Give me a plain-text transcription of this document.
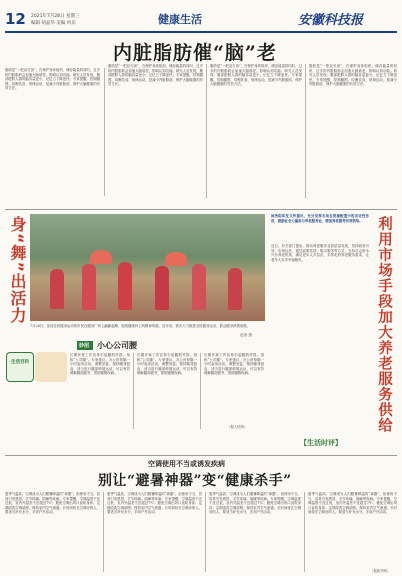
12 2021年7月28日 星期三
编辑 胡晶华 美编 何乐	健康生活	安徽科技报
内脏脂肪催“脑”老
脂肪是“一把双刃剑”，在保护身体组织、储存能量的同时，过多的内脏脂肪会加速大脑衰老，影响认知功能。研究人员发现，腹部肥胖人群的脑容量更小，记忆力下降更快。专家提醒，控制腰围、均衡饮食、规律运动，是减少内脏脂肪、保护大脑健康的有效方法。
脂肪是“一把双刃剑”，在保护身体组织、储存能量的同时，过多的内脏脂肪会加速大脑衰老，影响认知功能。研究人员发现，腹部肥胖人群的脑容量更小，记忆力下降更快。专家提醒，控制腰围、均衡饮食、规律运动，是减少内脏脂肪、保护大脑健康的有效方法。
脂肪是“一把双刃剑”，在保护身体组织、储存能量的同时，过多的内脏脂肪会加速大脑衰老，影响认知功能。研究人员发现，腹部肥胖人群的脑容量更小，记忆力下降更快。专家提醒，控制腰围、均衡饮食、规律运动，是减少内脏脂肪、保护大脑健康的有效方法。
脂肪是“一把双刃剑”，在保护身体组织、储存能量的同时，过多的内脏脂肪会加速大脑衰老，影响认知功能。研究人员发现，腹部肥胖人群的脑容量更小，记忆力下降更快。专家提醒，控制腰围、均衡饮食、规律运动，是减少内脏脂肪、保护大脑健康的有效方法。
身“舞”出活力
7月26日，参加全民健身运动的市民在健身广场上翩翩起舞，展现健康向上的精神风貌。近年来，我市大力推进全民健身运动，群众健身热情高涨。
赵燕 摄
国务院印发文件提出，充分发挥市场在资源配置中的决定性作用，鼓励社会力量参与养老服务业，增加养老服务有效供给。
近日，有关部门提出，推动养老服务业高质量发展，坚持政府引导、市场运作，通过政策扶持、购买服务等方式，支持社会资本兴办养老机构，满足老年人多层次、多样化的养老服务需求，让老年人安享幸福晚年。	利用市场手段加大养老服务供给
妙招 小心公司腰
生活百科
长期伏案工作容易引起腰肌劳损，俗称“公司腰”。专家建议，办公时每隔一小时起身活动，调整坐姿，保持腰背挺直，适当进行腰部伸展运动，可以有效缓解腰部疲劳，预防腰椎疾病。
长期伏案工作容易引起腰肌劳损，俗称“公司腰”。专家建议，办公时每隔一小时起身活动，调整坐姿，保持腰背挺直，适当进行腰部伸展运动，可以有效缓解腰部疲劳，预防腰椎疾病。
长期伏案工作容易引起腰肌劳损，俗称“公司腰”。专家建议，办公时每隔一小时起身活动，调整坐姿，保持腰背挺直，适当进行腰部伸展运动，可以有效缓解腰部疲劳，预防腰椎疾病。
（据人民网）
【生活时评】
空调使用不当或诱发疾病
别让“避暑神器”变“健康杀手”
夏季气温高，空调成为人们避暑降温的“神器”。但使用不当，容易引发感冒、关节疼痛、面瘫等疾病。专家提醒，空调温度不宜过低，室内外温差不宜超过7℃；避免空调出风口直吹身体；定期清洗空调滤网，保持室内空气流通；长时间待在空调房的人，要适当补充水分，多到户外活动。
夏季气温高，空调成为人们避暑降温的“神器”。但使用不当，容易引发感冒、关节疼痛、面瘫等疾病。专家提醒，空调温度不宜过低，室内外温差不宜超过7℃；避免空调出风口直吹身体；定期清洗空调滤网，保持室内空气流通；长时间待在空调房的人，要适当补充水分，多到户外活动。
夏季气温高，空调成为人们避暑降温的“神器”。但使用不当，容易引发感冒、关节疼痛、面瘫等疾病。专家提醒，空调温度不宜过低，室内外温差不宜超过7℃；避免空调出风口直吹身体；定期清洗空调滤网，保持室内空气流通；长时间待在空调房的人，要适当补充水分，多到户外活动。
夏季气温高，空调成为人们避暑降温的“神器”。但使用不当，容易引发感冒、关节疼痛、面瘫等疾病。专家提醒，空调温度不宜过低，室内外温差不宜超过7℃；避免空调出风口直吹身体；定期清洗空调滤网，保持室内空气流通；长时间待在空调房的人，要适当补充水分，多到户外活动。
（据新华网）
